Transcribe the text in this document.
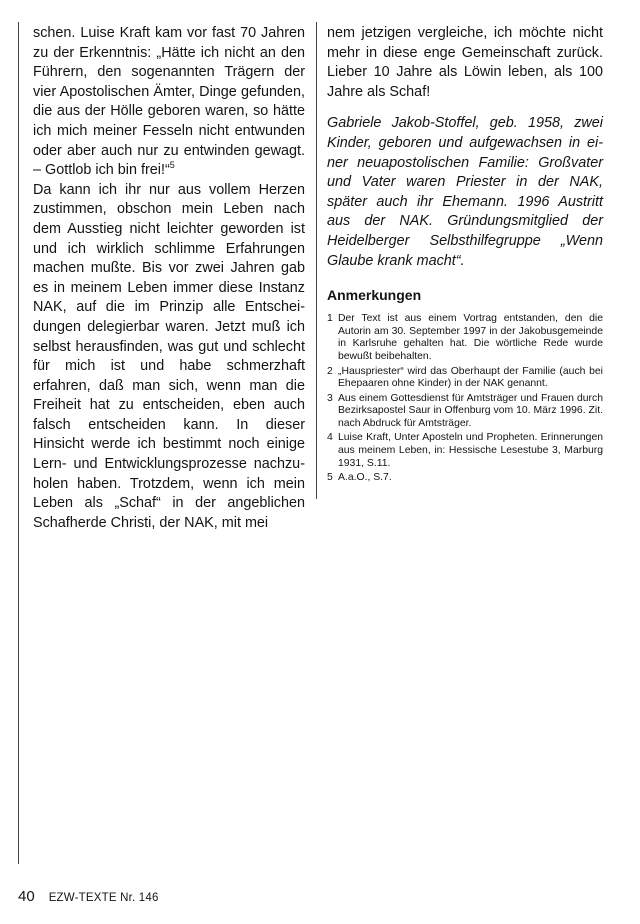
schen. Luise Kraft kam vor fast 70 Jahren zu der Erkenntnis: „Hätte ich nicht an den Führern, den sogenannten Trägern der vier Apostolischen Ämter, Dinge gefunden, die aus der Hölle geboren waren, so hätte ich mich meiner Fesseln nicht entwunden oder aber auch nur zu entwinden gewagt. – Gottlob ich bin frei!“$^5$

Da kann ich ihr nur aus vollem Herzen zustimmen, obschon mein Leben nach dem Ausstieg nicht leichter geworden ist und ich wirklich schlimme Erfahrungen machen mußte. Bis vor zwei Jahren gab es in meinem Leben immer diese Instanz NAK, auf die im Prinzip alle Entscheidungen delegierbar waren. Jetzt muß ich selbst herausfinden, was gut und schlecht für mich ist und habe schmerzhaft erfahren, daß man sich, wenn man die Freiheit hat zu entscheiden, eben auch falsch entscheiden kann. In dieser Hinsicht werde ich bestimmt noch einige Lern- und Entwicklungsprozesse nachzuholen haben. Trotzdem, wenn ich mein Leben als „Schaf“ in der angeblichen Schafherde Christi, der NAK, mit mei

nem jetzigen vergleiche, ich möchte nicht mehr in diese enge Gemeinschaft zurück. Lieber 10 Jahre als Löwin leben, als 100 Jahre als Schaf!

Gabriele Jakob-Stoffel, geb. 1958, zwei Kinder, geboren und aufgewachsen in einer neuapostolischen Familie: Großvater und Vater waren Priester in der NAK, später auch ihr Ehemann. 1996 Austritt aus der NAK. Gründungsmitglied der Heidelberger Selbsthilfegruppe „Wenn Glaube krank macht“.

Anmerkungen
1 Der Text ist aus einem Vortrag entstanden, den die Autorin am 30. September 1997 in der Jakobusgemeinde in Karlsruhe gehalten hat. Die wörtliche Rede wurde bewußt beibehalten.
2 „Hauspriester“ wird das Oberhaupt der Familie (auch bei Ehepaaren ohne Kinder) in der NAK genannt.
3 Aus einem Gottesdienst für Amtsträger und Frauen durch Bezirksapostel Saur in Offenburg vom 10. März 1996. Zit. nach Abdruck für Amtsträger.
4 Luise Kraft, Unter Aposteln und Propheten. Erinnerungen aus meinem Leben, in: Hessische Lesestube 3, Marburg 1931, S.11.
5 A.a.O., S.7.
40 EZW-TEXTE Nr. 146
